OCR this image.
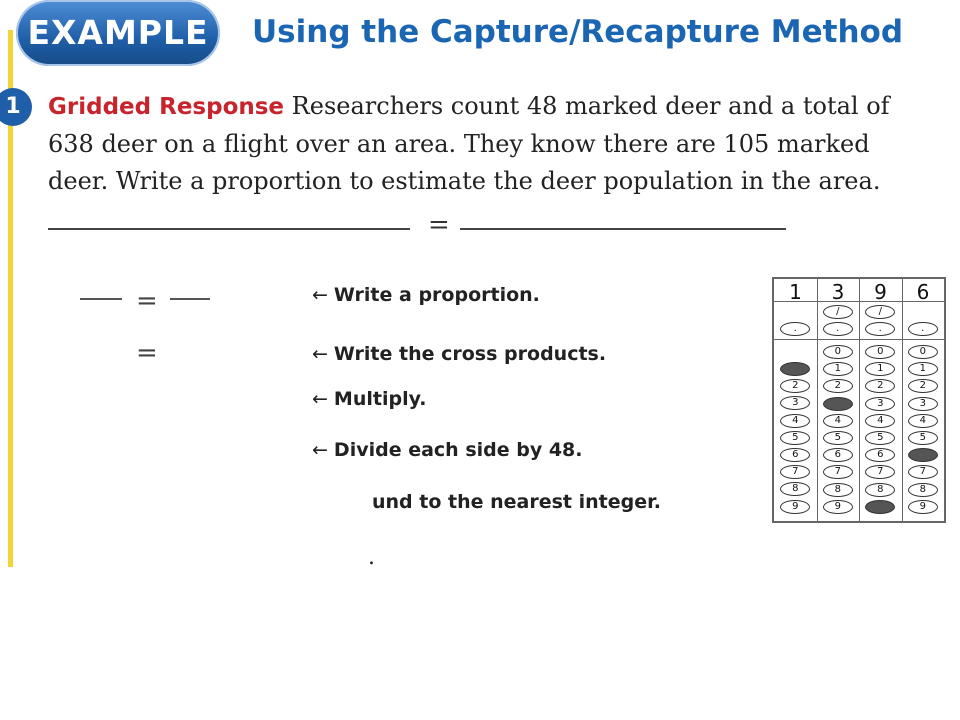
EXAMPLE	Using the Capture/Recapture Method
1	Gridded Response Researchers count 48 marked deer and a total of 638 deer on a flight over an area. They know there are 105 marked deer. Write a proportion to estimate the deer population in the area.
=
=
=
← Write a proportion.
← Write the cross products.
← Multiply.
← Divide each side by 48.
und to the nearest integer.
.
1
.
1
2
3
4
5
6
7
8
9
3
/
.
0
1
2
3
4
5
6
7
8
9
9
/
.
0
1
2
3
4
5
6
7
8
9
6
.
0
1
2
3
4
5
6
7
8
9
